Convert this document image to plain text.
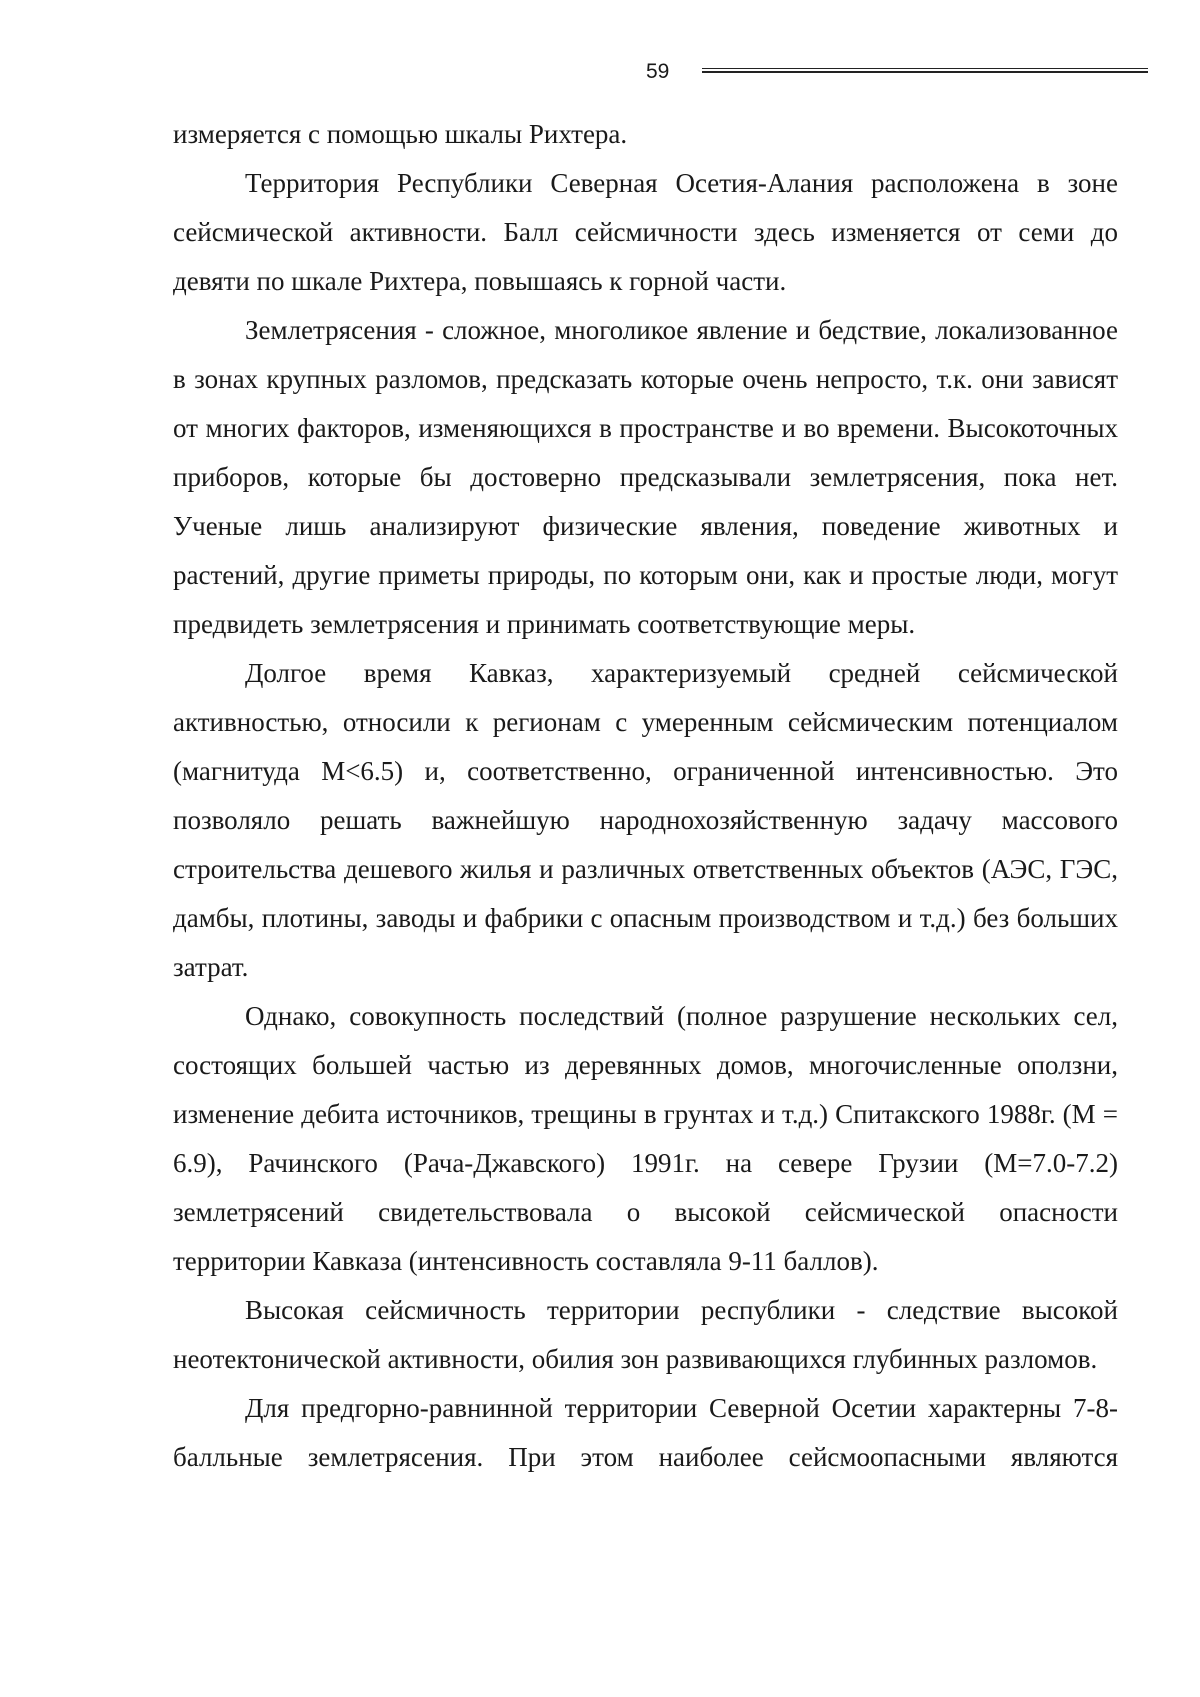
59

измеряется с помощью шкалы Рихтера.

Территория Республики Северная Осетия-Алания расположена в зоне сейсмической активности. Балл сейсмичности здесь изменяется от семи до девяти по шкале Рихтера, повышаясь к горной части.

Землетрясения - сложное, многоликое явление и бедствие, локализованное в зонах крупных разломов, предсказать которые очень непросто, т.к. они зависят от многих факторов, изменяющихся в пространстве и во времени. Высокоточных приборов, которые бы достоверно предсказывали землетрясения, пока нет. Ученые лишь анализируют физические явления, поведение животных и растений, другие приметы природы, по которым они, как и простые люди, могут предвидеть землетрясения и принимать соответствующие меры.

Долгое время Кавказ, характеризуемый средней сейсмической активностью, относили к регионам с умеренным сейсмическим потенциалом (магнитуда М<6.5) и, соответственно, ограниченной интенсивностью. Это позволяло решать важнейшую народнохозяйственную задачу массового строительства дешевого жилья и различных ответственных объектов (АЭС, ГЭС, дамбы, плотины, заводы и фабрики с опасным производством и т.д.) без больших затрат.

Однако, совокупность последствий (полное разрушение нескольких сел, состоящих большей частью из деревянных домов, многочисленные оползни, изменение дебита источников, трещины в грунтах и т.д.) Спитакского 1988г. (М = 6.9), Рачинского (Рача-Джавского) 1991г. на севере Грузии (М=7.0-7.2) землетрясений свидетельствовала о высокой сейсмической опасности территории Кавказа (интенсивность составляла 9-11 баллов).

Высокая сейсмичность территории республики - следствие высокой неотектонической активности, обилия зон развивающихся глубинных разломов.

Для предгорно-равнинной территории Северной Осетии характерны 7-8-балльные землетрясения. При этом наиболее сейсмоопасными являются
